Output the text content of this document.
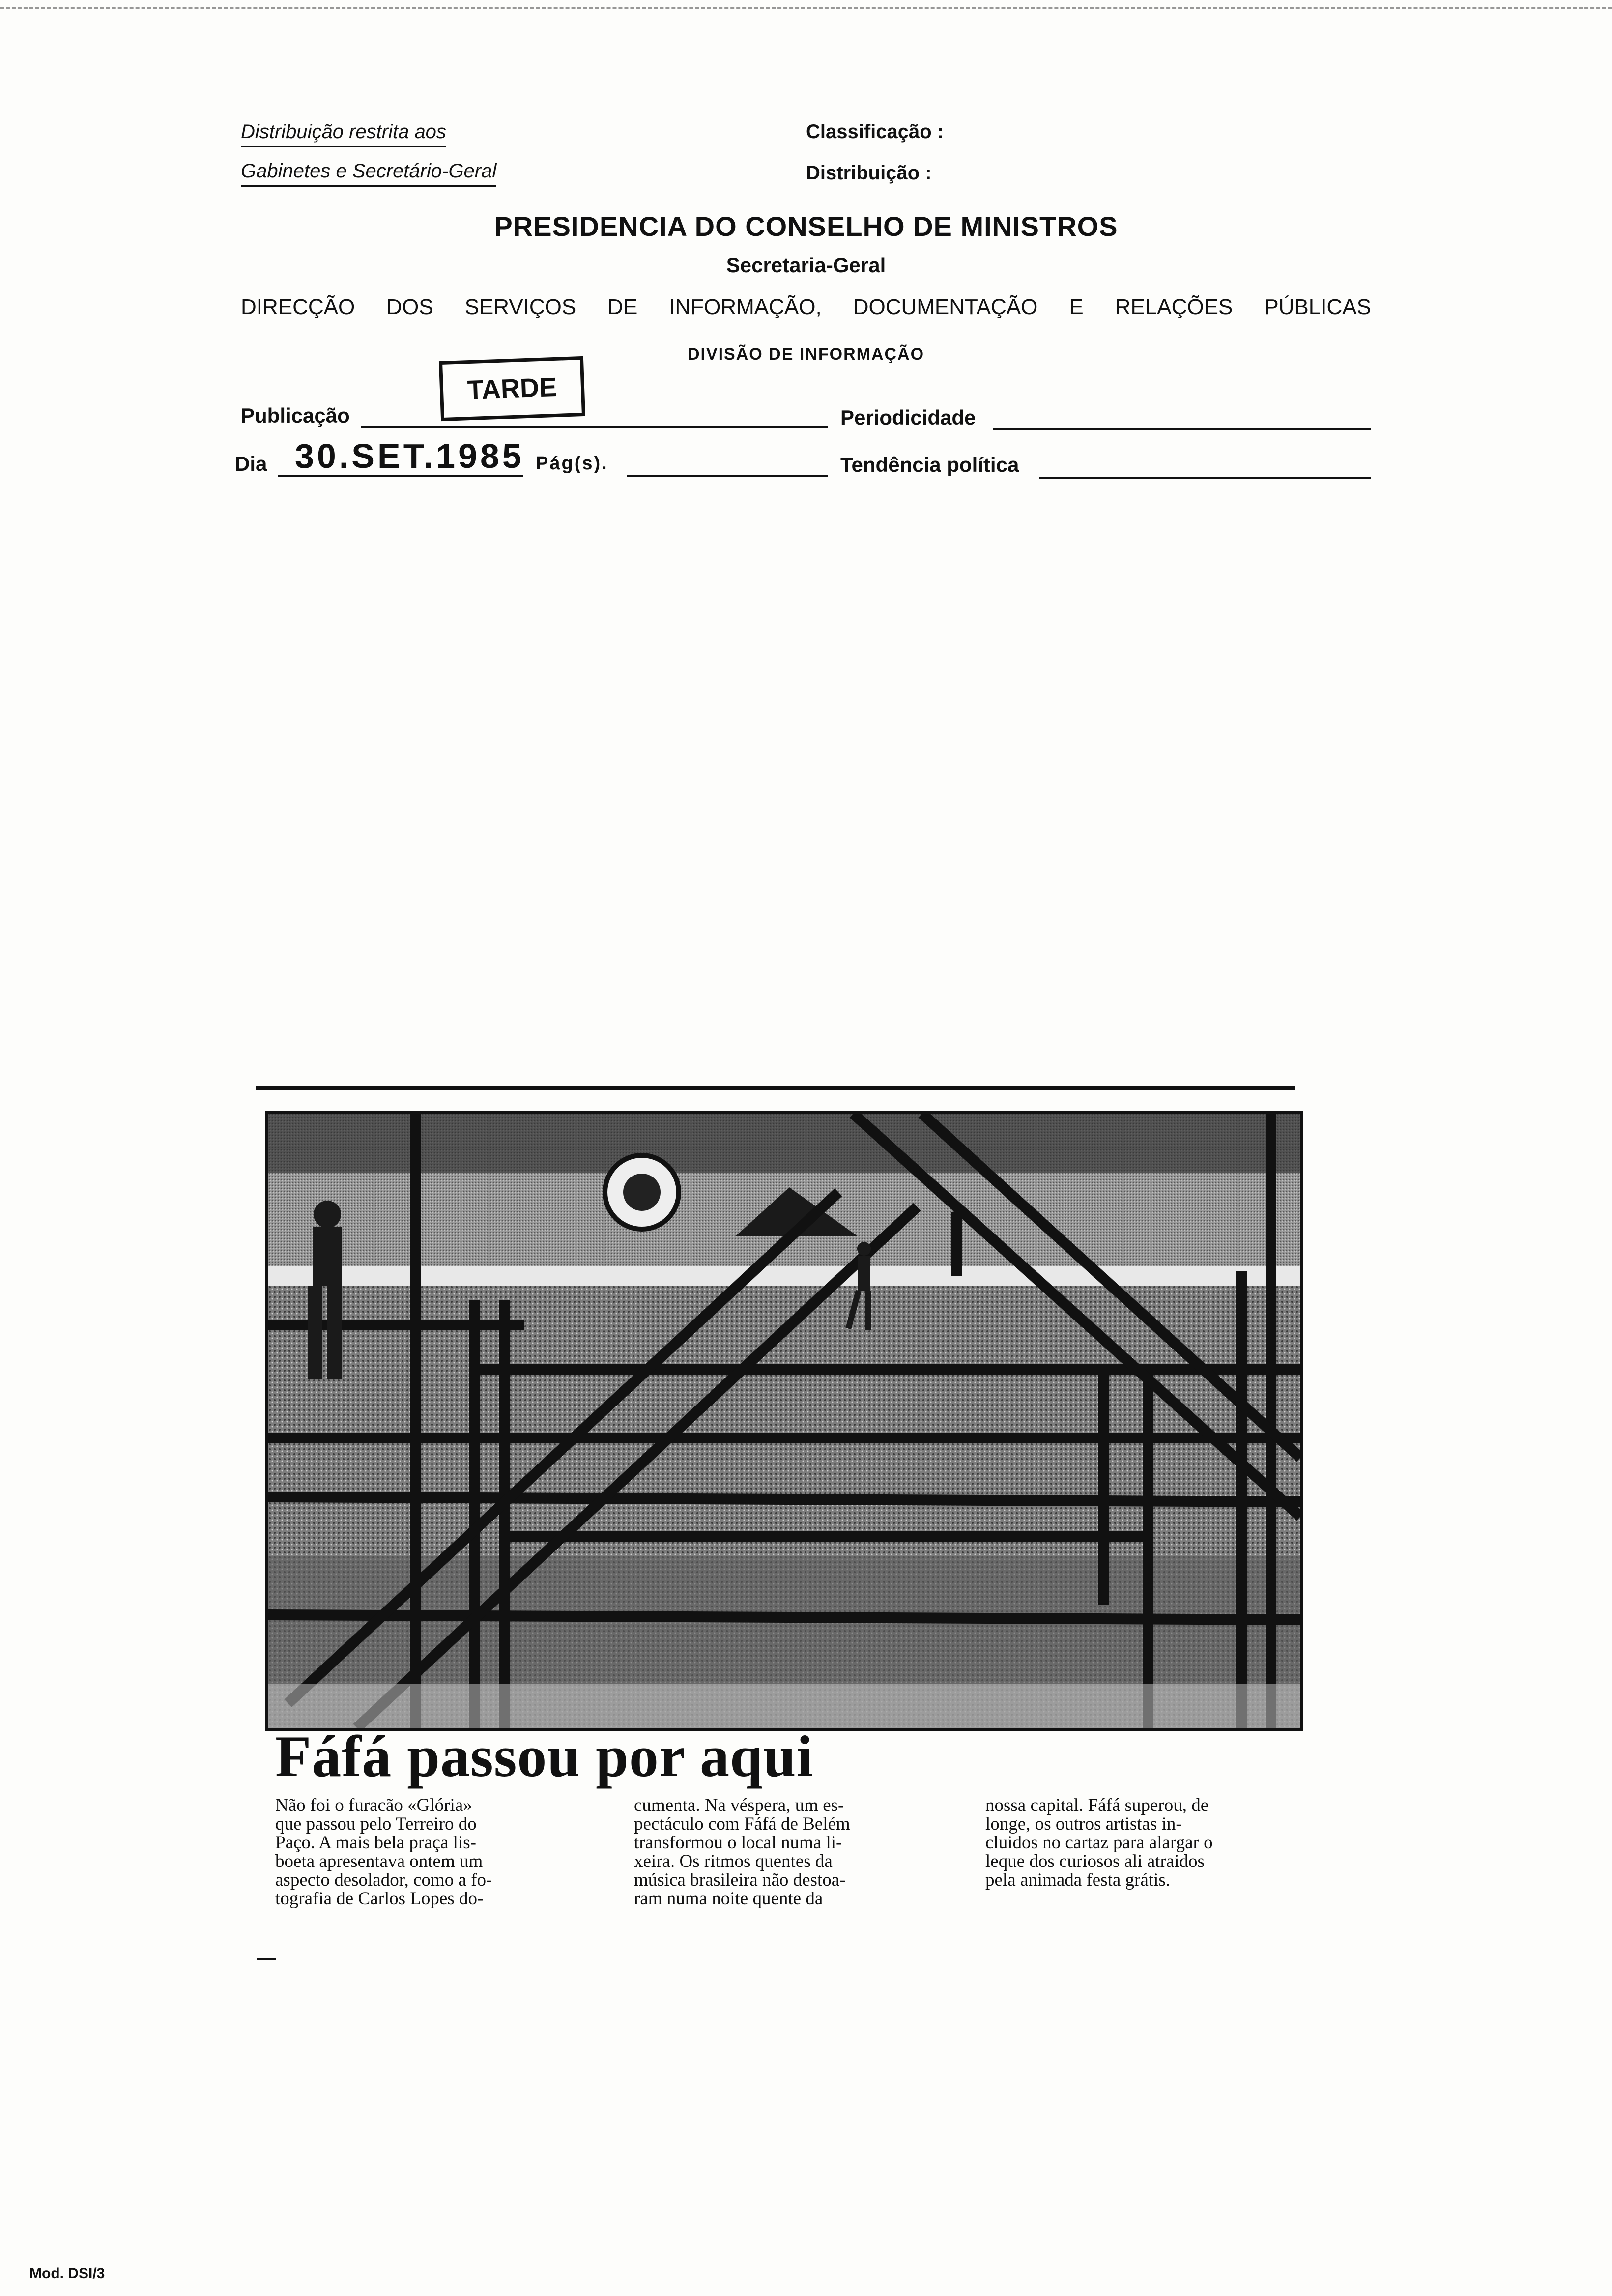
Distribuição restrita aos
Gabinetes e Secretário-Geral
Classificação :
Distribuição :
PRESIDENCIA DO CONSELHO DE MINISTROS
Secretaria-Geral
DIRECÇÃO DOS SERVIÇOS DE INFORMAÇÃO, DOCUMENTAÇÃO E RELAÇÕES PÚBLICAS
DIVISÃO DE INFORMAÇÃO
TARDE
Publicação	Periodicidade
Dia 30.SET.1985 Pág(s).	Tendência política
Fáfá passou por aqui
Não foi o furacão «Glória»
que passou pelo Terreiro do
Paço. A mais bela praça lis-
boeta apresentava ontem um
aspecto desolador, como a fo-
tografia de Carlos Lopes do-
cumenta. Na véspera, um es-
pectáculo com Fáfá de Belém
transformou o local numa li-
xeira. Os ritmos quentes da
música brasileira não destoa-
ram numa noite quente da
nossa capital. Fáfá superou, de
longe, os outros artistas in-
cluidos no cartaz para alargar o
leque dos curiosos ali atraidos
pela animada festa grátis.
Mod. DSI/3
